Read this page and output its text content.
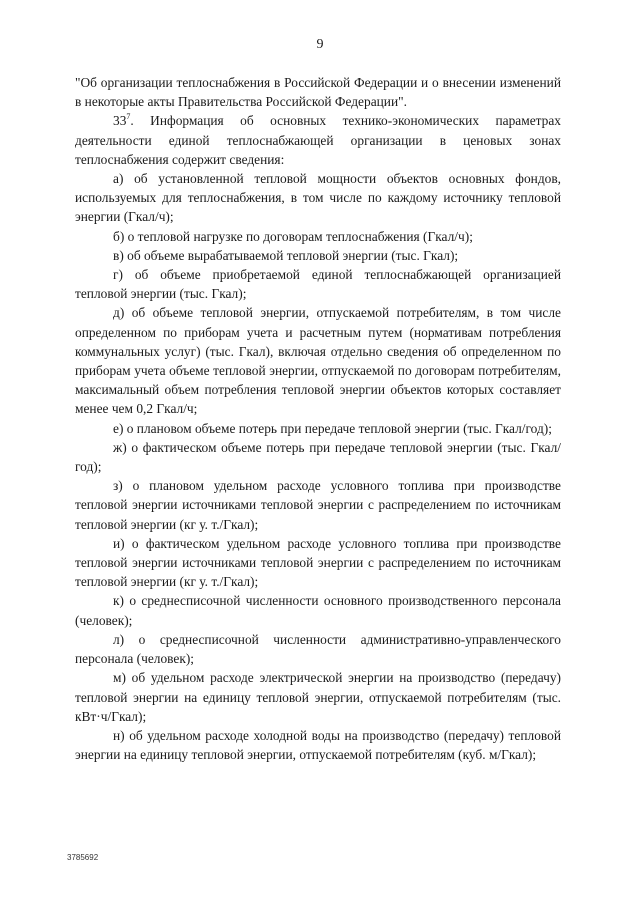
9

"Об организации теплоснабжения в Российской Федерации и о внесении изменений в некоторые акты Правительства Российской Федерации".

$33^7$. Информация об основных технико-экономических параметрах деятельности единой теплоснабжающей организации в ценовых зонах теплоснабжения содержит сведения:

а) об установленной тепловой мощности объектов основных фондов, используемых для теплоснабжения, в том числе по каждому источнику тепловой энергии (Гкал/ч);

б) о тепловой нагрузке по договорам теплоснабжения (Гкал/ч);

в) об объеме вырабатываемой тепловой энергии (тыс. Гкал);

г) об объеме приобретаемой единой теплоснабжающей организацией тепловой энергии (тыс. Гкал);

д) об объеме тепловой энергии, отпускаемой потребителям, в том числе определенном по приборам учета и расчетным путем (нормативам потребления коммунальных услуг) (тыс. Гкал), включая отдельно сведения об определенном по приборам учета объеме тепловой энергии, отпускаемой по договорам потребителям, максимальный объем потребления тепловой энергии объектов которых составляет менее чем 0,2 Гкал/ч;

е) о плановом объеме потерь при передаче тепловой энергии (тыс. Гкал/год);

ж) о фактическом объеме потерь при передаче тепловой энергии (тыс. Гкал/год);

з) о плановом удельном расходе условного топлива при производстве тепловой энергии источниками тепловой энергии с распределением по источникам тепловой энергии (кг у. т./Гкал);

и) о фактическом удельном расходе условного топлива при производстве тепловой энергии источниками тепловой энергии с распределением по источникам тепловой энергии (кг у. т./Гкал);

к) о среднесписочной численности основного производственного персонала (человек);

л) о среднесписочной численности административно-управленческого персонала (человек);

м) об удельном расходе электрической энергии на производство (передачу) тепловой энергии на единицу тепловой энергии, отпускаемой потребителям (тыс. кВт·ч/Гкал);

н) об удельном расходе холодной воды на производство (передачу) тепловой энергии на единицу тепловой энергии, отпускаемой потребителям (куб. м/Гкал);

3785692
